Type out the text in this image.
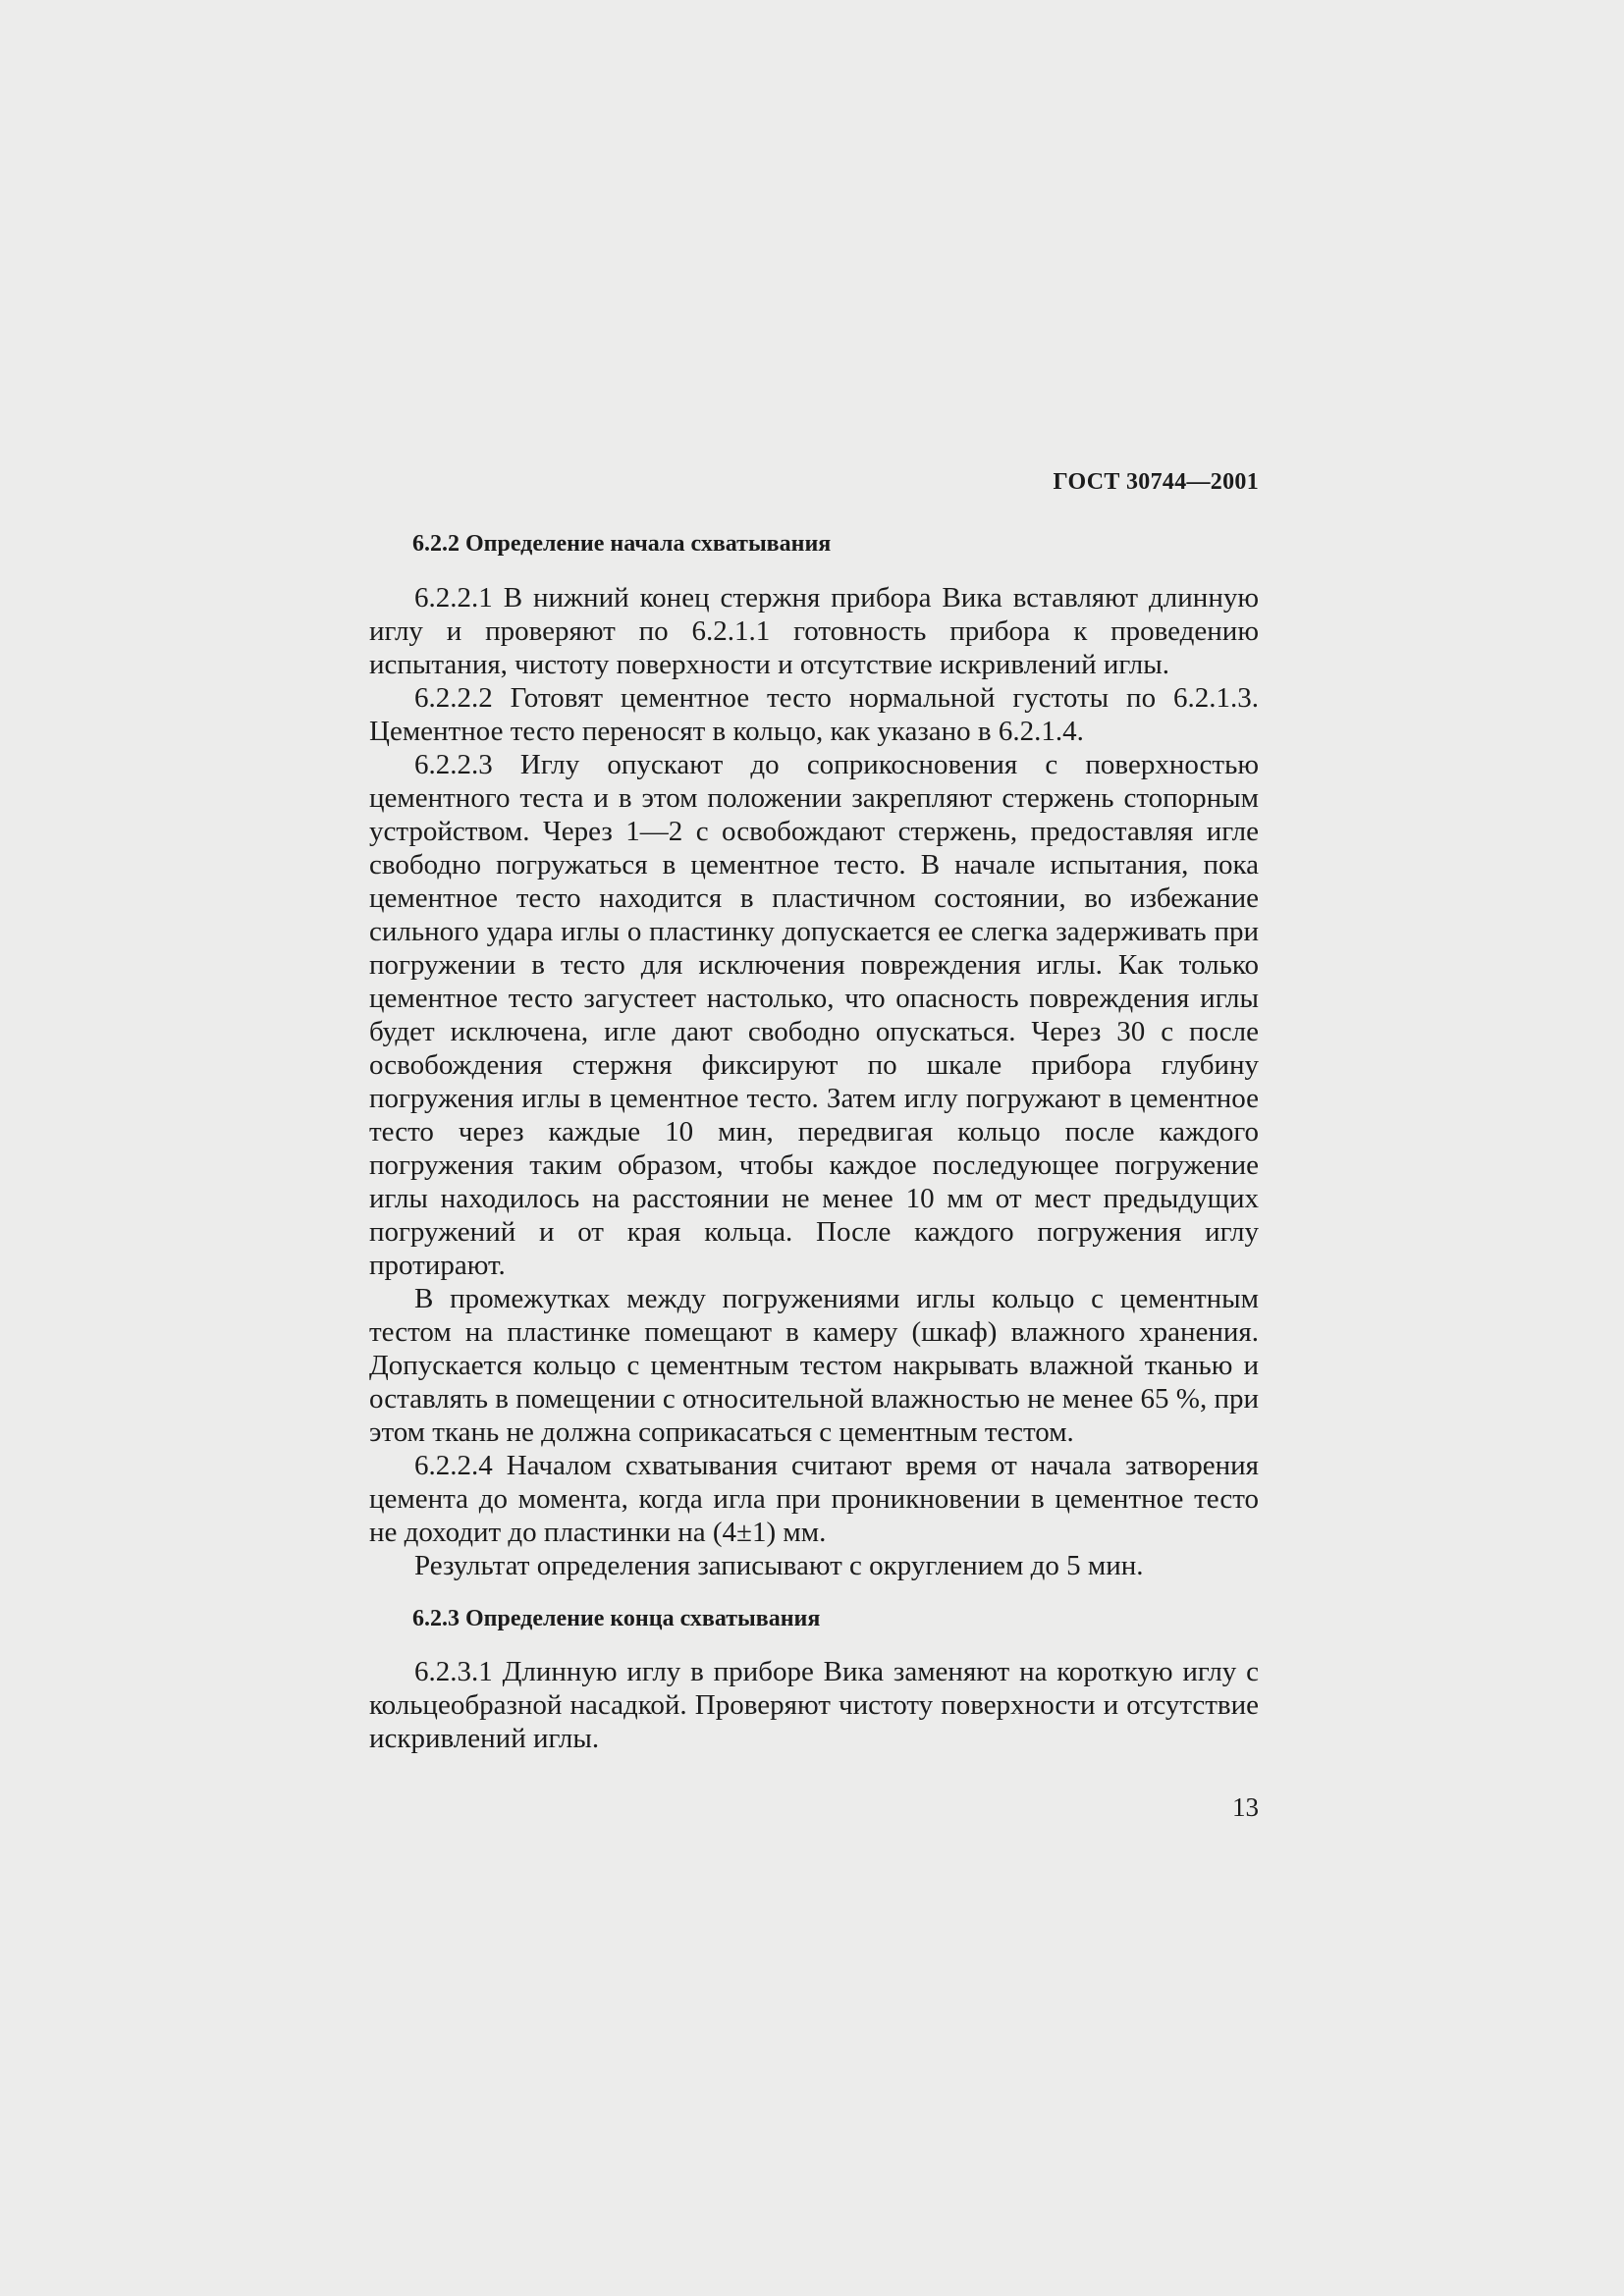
ГОСТ 30744—2001
6.2.2 Определение начала схватывания

6.2.2.1 В нижний конец стержня прибора Вика вставляют длинную иглу и проверяют по 6.2.1.1 готовность прибора к проведению испытания, чистоту поверхности и отсутствие искривлений иглы.

6.2.2.2 Готовят цементное тесто нормальной густоты по 6.2.1.3. Цементное тесто переносят в кольцо, как указано в 6.2.1.4.

6.2.2.3 Иглу опускают до соприкосновения с поверхностью цементного теста и в этом положении закрепляют стержень стопорным устройством. Через 1—2 с освобождают стержень, предоставляя игле свободно погружаться в цементное тесто. В начале испытания, пока цементное тесто находится в пластичном состоянии, во избежание сильного удара иглы о пластинку допускается ее слегка задерживать при погружении в тесто для исключения повреждения иглы. Как только цементное тесто загустеет настолько, что опасность повреждения иглы будет исключена, игле дают свободно опускаться. Через 30 с после освобождения стержня фиксируют по шкале прибора глубину погружения иглы в цементное тесто. Затем иглу погружают в цементное тесто через каждые 10 мин, передвигая кольцо после каждого погружения таким образом, чтобы каждое последующее погружение иглы находилось на расстоянии не менее 10 мм от мест предыдущих погружений и от края кольца. После каждого погружения иглу протирают.

В промежутках между погружениями иглы кольцо с цементным тестом на пластинке помещают в камеру (шкаф) влажного хранения. Допускается кольцо с цементным тестом накрывать влажной тканью и оставлять в помещении с относительной влажностью не менее 65 %, при этом ткань не должна соприкасаться с цементным тестом.

6.2.2.4 Началом схватывания считают время от начала затворения цемента до момента, когда игла при проникновении в цементное тесто не доходит до пластинки на (4±1) мм.

Результат определения записывают с округлением до 5 мин.

6.2.3 Определение конца схватывания

6.2.3.1 Длинную иглу в приборе Вика заменяют на короткую иглу с кольцеобразной насадкой. Проверяют чистоту поверхности и отсутствие искривлений иглы.

13
